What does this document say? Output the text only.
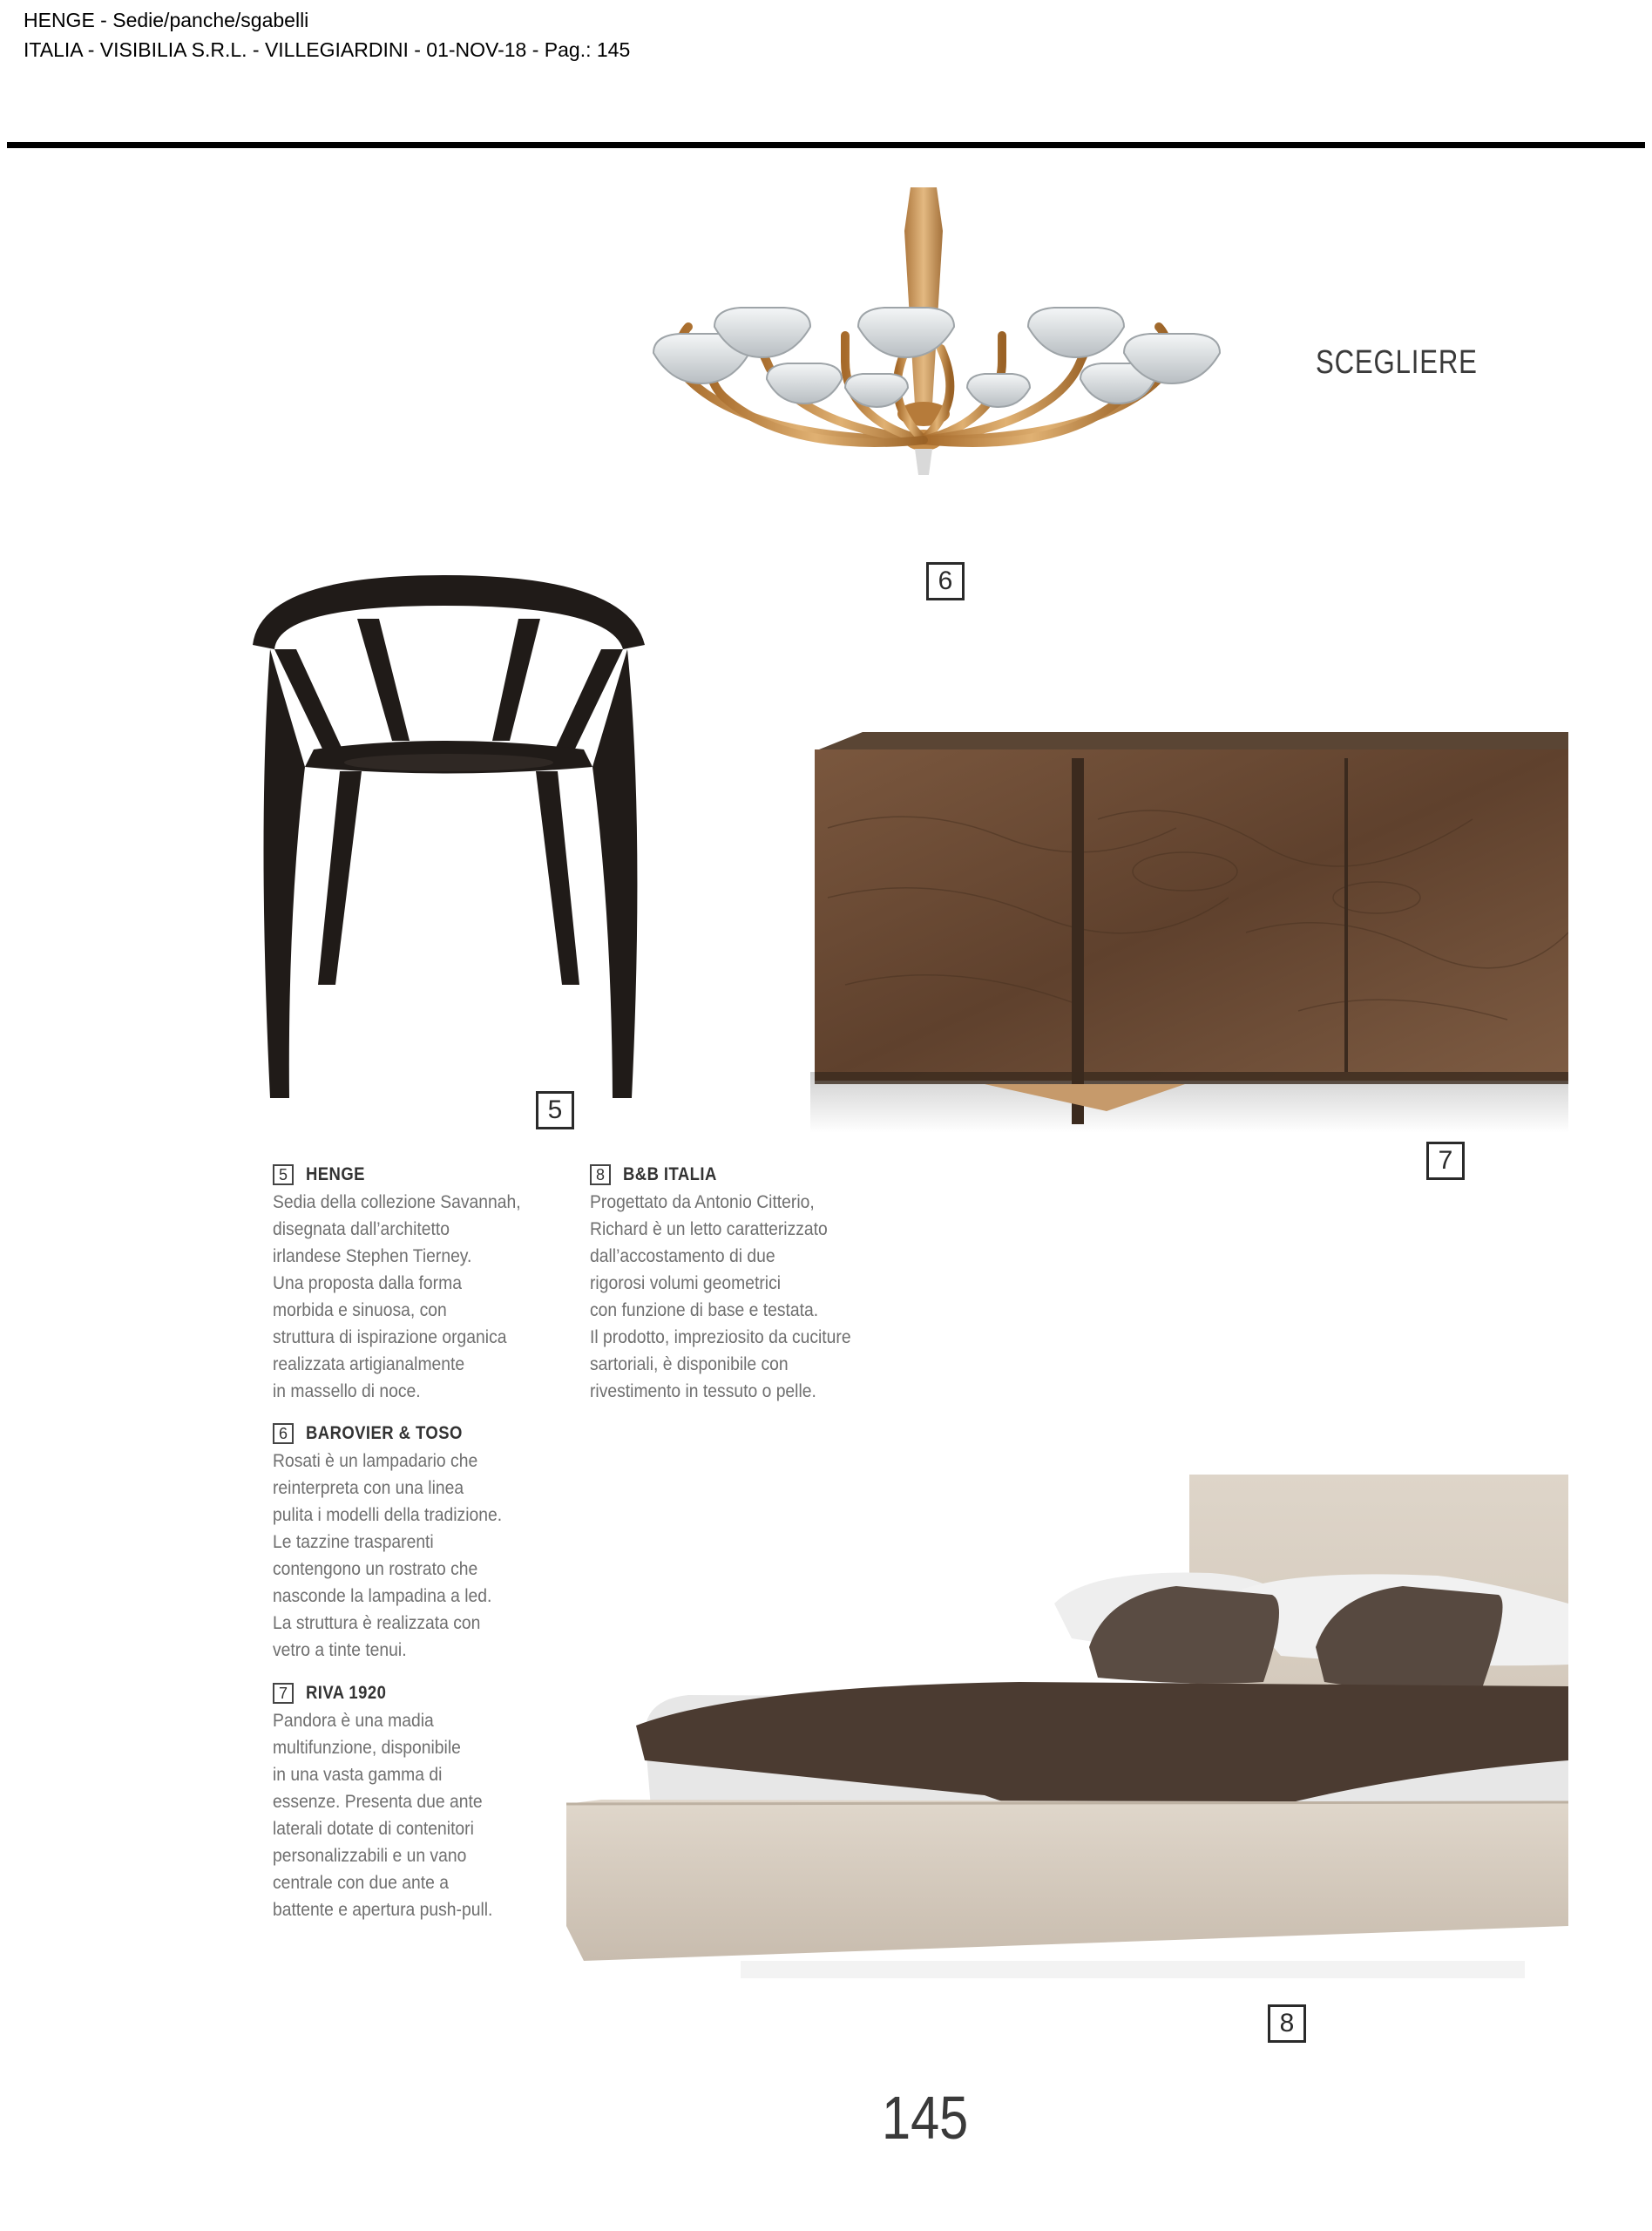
HENGE - Sedie/panche/sgabelli
ITALIA - VISIBILIA S.R.L. - VILLEGIARDINI - 01-NOV-18 - Pag.: 145
SCEGLIERE
6
5
7
5	HENGE
Sedia della collezione Savannah,
disegnata dall’architetto
irlandese Stephen Tierney.
Una proposta dalla forma
morbida e sinuosa, con
struttura di ispirazione organica
realizzata artigianalmente
in massello di noce.
6	BAROVIER & TOSO
Rosati è un lampadario che
reinterpreta con una linea
pulita i modelli della tradizione.
Le tazzine trasparenti
contengono un rostrato che
nasconde la lampadina a led.
La struttura è realizzata con
vetro a tinte tenui.
7	RIVA 1920
Pandora è una madia
multifunzione, disponibile
in una vasta gamma di
essenze. Presenta due ante
laterali dotate di contenitori
personalizzabili e un vano
centrale con due ante a
battente e apertura push-pull.
8	B&B ITALIA
Progettato da Antonio Citterio,
Richard è un letto caratterizzato
dall’accostamento di due
rigorosi volumi geometrici
con funzione di base e testata.
Il prodotto, impreziosito da cuciture
sartoriali, è disponibile con
rivestimento in tessuto o pelle.
8
145
